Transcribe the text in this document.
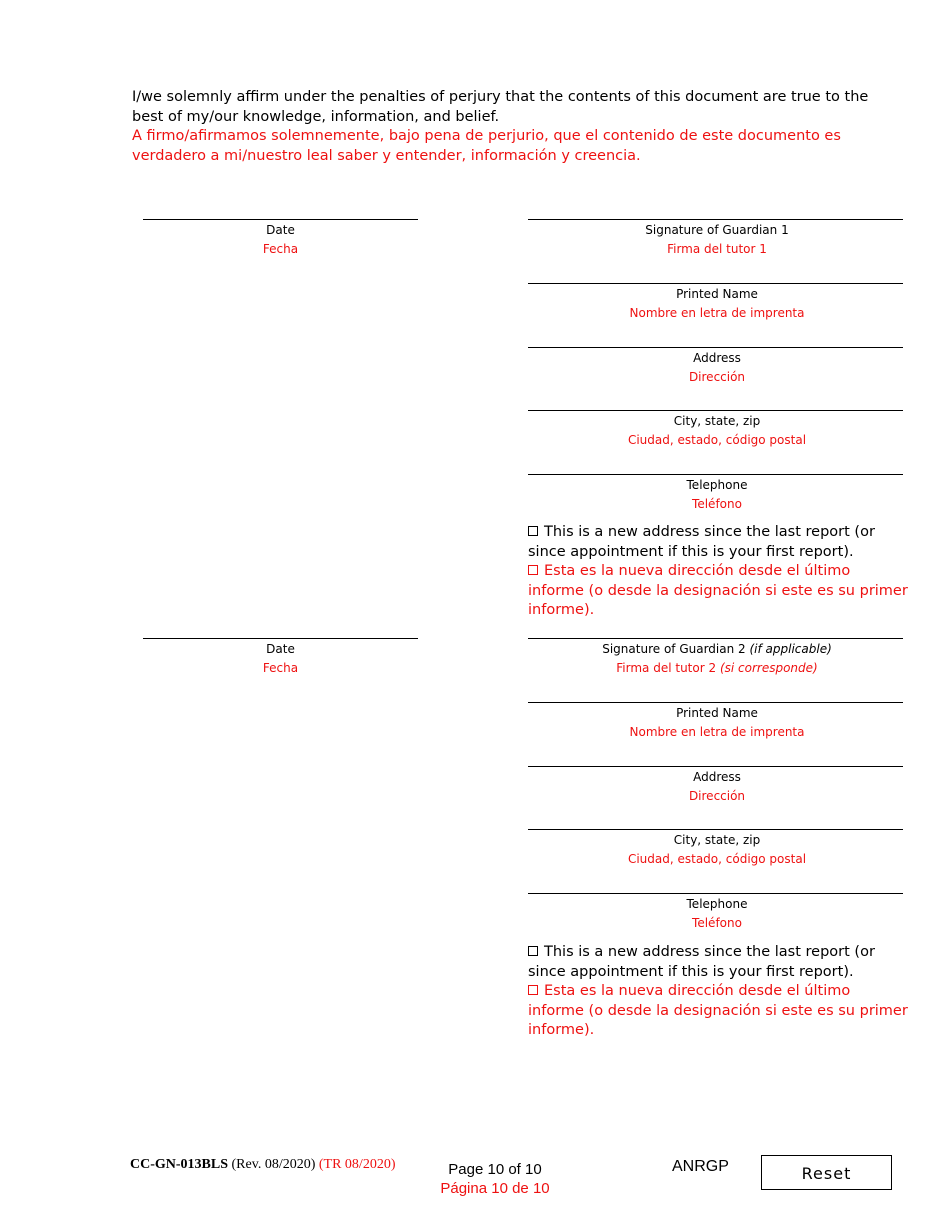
I/we solemnly affirm under the penalties of perjury that the contents of this document are true to the best of my/our knowledge, information, and belief.

A firmo/afirmamos solemnemente, bajo pena de perjurio, que el contenido de este documento es verdadero a mi/nuestro leal saber y entender, información y creencia.

Date
Fecha
Signature of Guardian 1
Firma del tutor 1
Printed Name
Nombre en letra de imprenta
Address
Dirección
City, state, zip
Ciudad, estado, código postal
Telephone
Teléfono

This is a new address since the last report (or since appointment if this is your first report).

Esta es la nueva dirección desde el último informe (o desde la designación si este es su primer informe).

Date
Fecha
Signature of Guardian 2 (if applicable)
Firma del tutor 2 (si corresponde)
Printed Name
Nombre en letra de imprenta
Address
Dirección
City, state, zip
Ciudad, estado, código postal
Telephone
Teléfono

This is a new address since the last report (or since appointment if this is your first report).

Esta es la nueva dirección desde el último informe (o desde la designación si este es su primer informe).

CC-GN-013BLS (Rev. 08/2020) (TR 08/2020)	Page 10 of 10
Página 10 de 10
ANRGP	Reset
